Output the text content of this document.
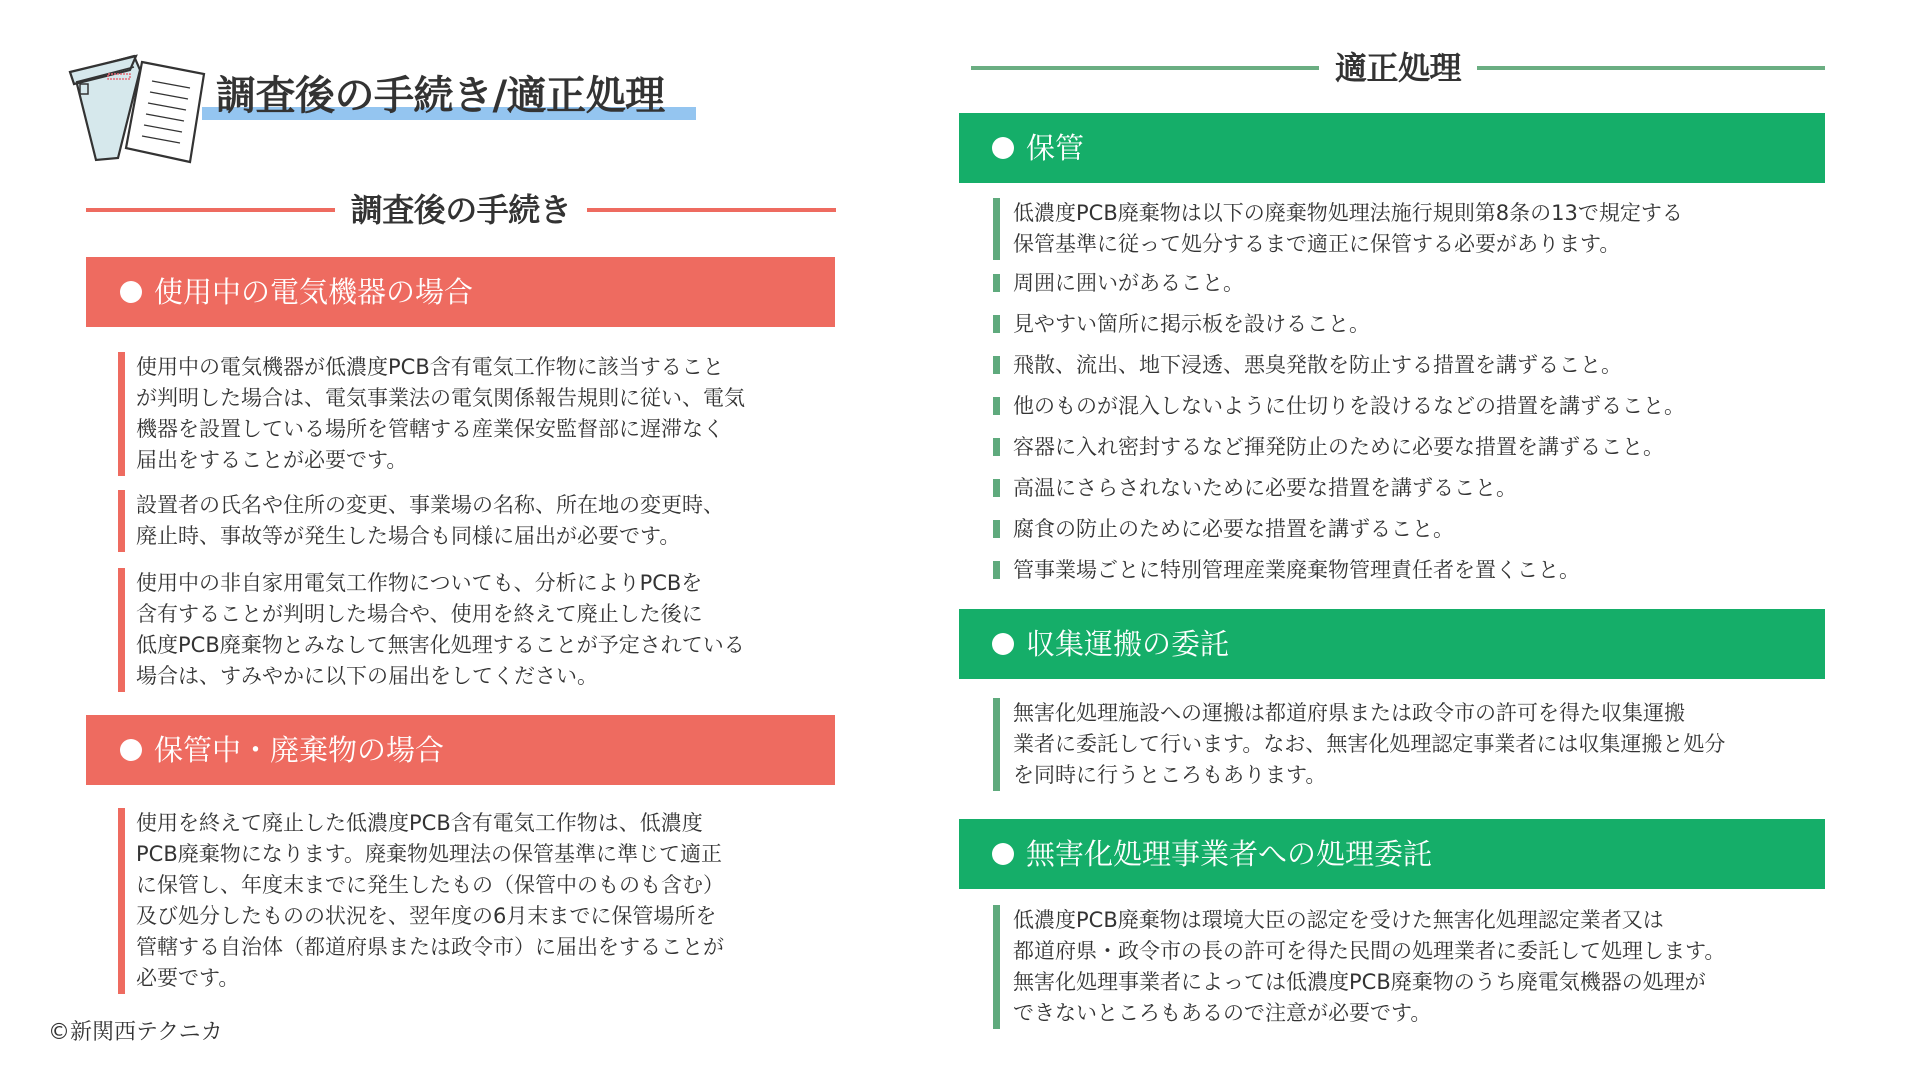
調査後の手続き/適正処理
調査後の手続き
使用中の電気機器の場合
使用中の電気機器が低濃度PCB含有電気工作物に該当すること
が判明した場合は、電気事業法の電気関係報告規則に従い、電気
機器を設置している場所を管轄する産業保安監督部に遅滞なく
届出をすることが必要です。
設置者の氏名や住所の変更、事業場の名称、所在地の変更時、
廃止時、事故等が発生した場合も同様に届出が必要です。
使用中の非自家用電気工作物についても、分析によりPCBを
含有することが判明した場合や、使用を終えて廃止した後に
低度PCB廃棄物とみなして無害化処理することが予定されている
場合は、すみやかに以下の届出をしてください。
保管中・廃棄物の場合
使用を終えて廃止した低濃度PCB含有電気工作物は、低濃度
PCB廃棄物になります。廃棄物処理法の保管基準に準じて適正
に保管し、年度末までに発生したもの（保管中のものも含む）
及び処分したものの状況を、翌年度の6月末までに保管場所を
管轄する自治体（都道府県または政令市）に届出をすることが
必要です。
©新関西テクニカ
適正処理
保管
低濃度PCB廃棄物は以下の廃棄物処理法施行規則第8条の13で規定する
保管基準に従って処分するまで適正に保管する必要があります。
周囲に囲いがあること。
見やすい箇所に掲示板を設けること。
飛散、流出、地下浸透、悪臭発散を防止する措置を講ずること。
他のものが混入しないように仕切りを設けるなどの措置を講ずること。
容器に入れ密封するなど揮発防止のために必要な措置を講ずること。
高温にさらされないために必要な措置を講ずること。
腐食の防止のために必要な措置を講ずること。
管事業場ごとに特別管理産業廃棄物管理責任者を置くこと。
収集運搬の委託
無害化処理施設への運搬は都道府県または政令市の許可を得た収集運搬
業者に委託して行います。なお、無害化処理認定事業者には収集運搬と処分
を同時に行うところもあります。
無害化処理事業者への処理委託
低濃度PCB廃棄物は環境大臣の認定を受けた無害化処理認定業者又は
都道府県・政令市の長の許可を得た民間の処理業者に委託して処理します。
無害化処理事業者によっては低濃度PCB廃棄物のうち廃電気機器の処理が
できないところもあるので注意が必要です。
